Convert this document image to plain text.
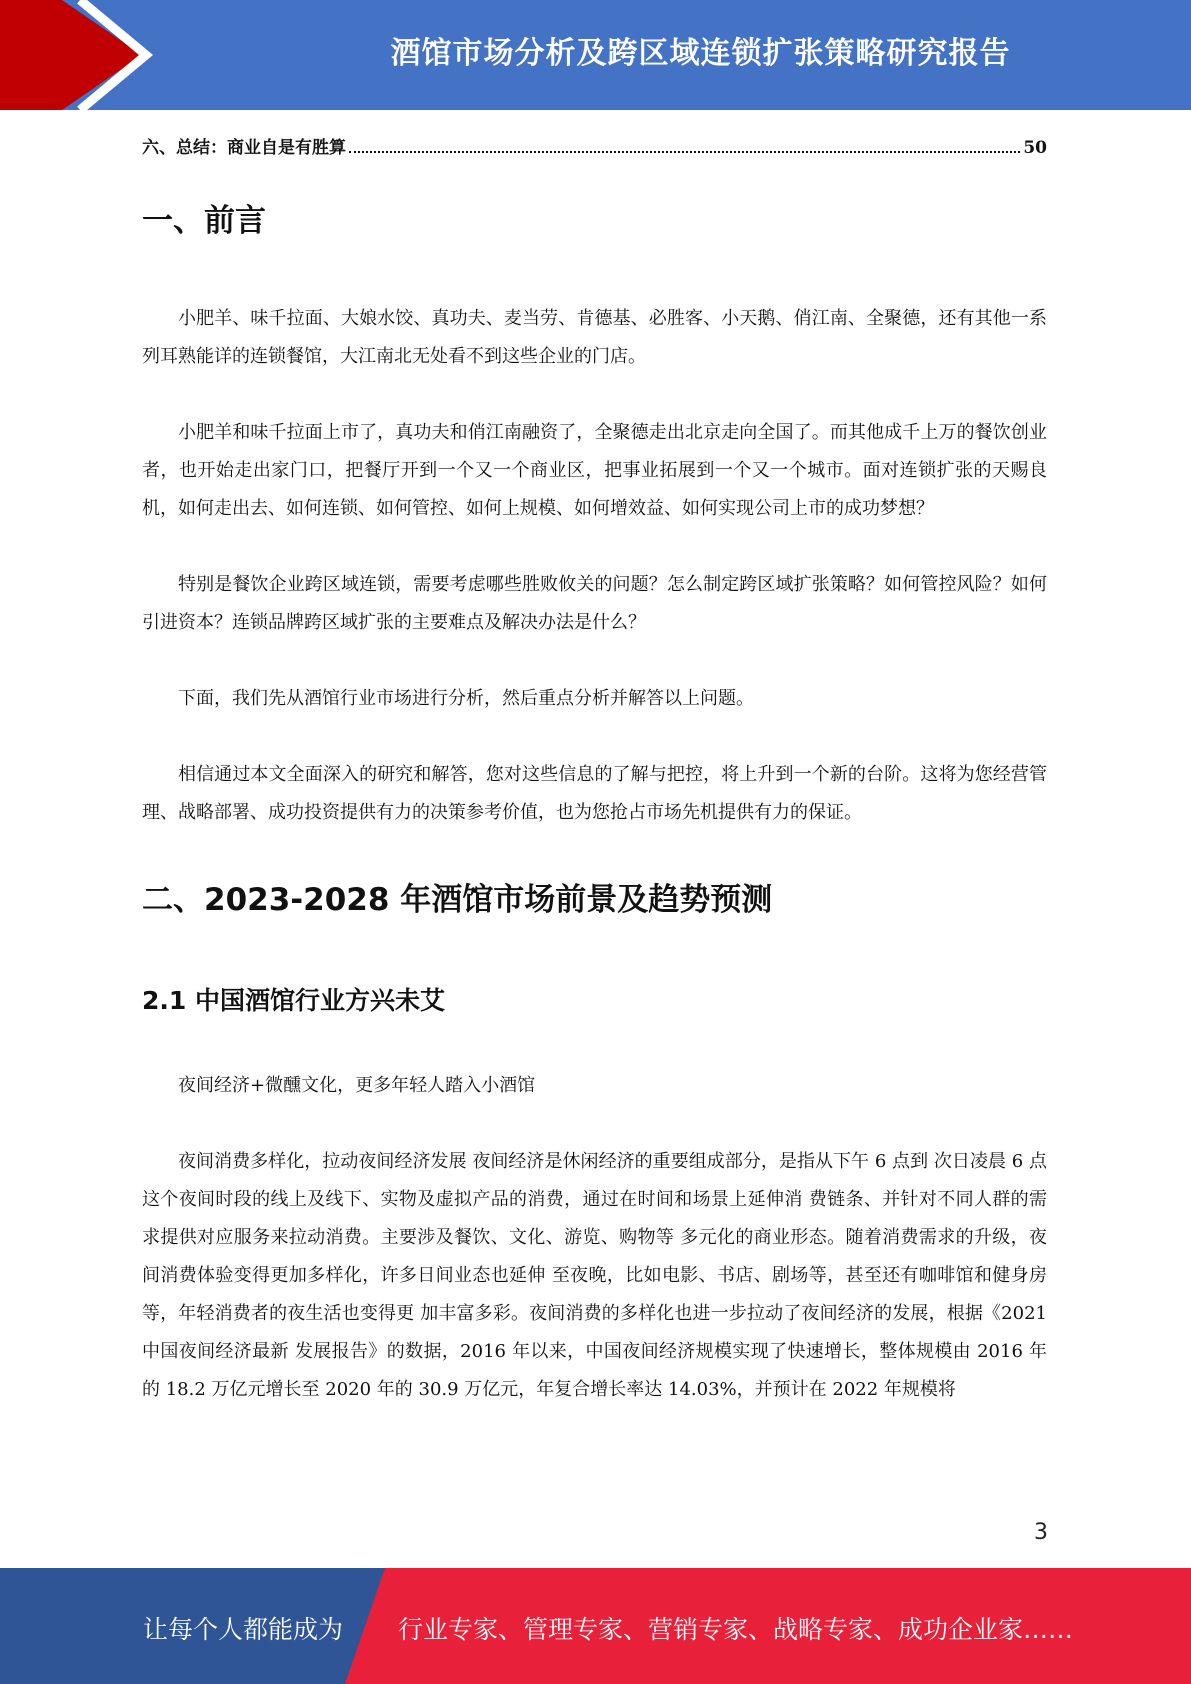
酒馆市场分析及跨区域连锁扩张策略研究报告
六、总结：商业自是有胜算	50
一、前言

小肥羊、味千拉面、大娘水饺、真功夫、麦当劳、肯德基、必胜客、小天鹅、俏江南、全聚德，还有其他一系列耳熟能详的连锁餐馆，大江南北无处看不到这些企业的门店。

小肥羊和味千拉面上市了，真功夫和俏江南融资了，全聚德走出北京走向全国了。而其他成千上万的餐饮创业者，也开始走出家门口，把餐厅开到一个又一个商业区，把事业拓展到一个又一个城市。面对连锁扩张的天赐良机，如何走出去、如何连锁、如何管控、如何上规模、如何增效益、如何实现公司上市的成功梦想？

特别是餐饮企业跨区域连锁，需要考虑哪些胜败攸关的问题？怎么制定跨区域扩张策略？如何管控风险？如何引进资本？连锁品牌跨区域扩张的主要难点及解决办法是什么？

下面，我们先从酒馆行业市场进行分析，然后重点分析并解答以上问题。

相信通过本文全面深入的研究和解答，您对这些信息的了解与把控，将上升到一个新的台阶。这将为您经营管理、战略部署、成功投资提供有力的决策参考价值，也为您抢占市场先机提供有力的保证。

二、2023-2028 年酒馆市场前景及趋势预测
2.1 中国酒馆行业方兴未艾

夜间经济+微醺文化，更多年轻人踏入小酒馆

夜间消费多样化，拉动夜间经济发展 夜间经济是休闲经济的重要组成部分，是指从下午 6 点到 次日凌晨 6 点这个夜间时段的线上及线下、实物及虚拟产品的消费，通过在时间和场景上延伸消 费链条、并针对不同人群的需求提供对应服务来拉动消费。主要涉及餐饮、文化、游览、购物等 多元化的商业形态。随着消费需求的升级，夜间消费体验变得更加多样化，许多日间业态也延伸 至夜晚，比如电影、书店、剧场等，甚至还有咖啡馆和健身房等，年轻消费者的夜生活也变得更 加丰富多彩。夜间消费的多样化也进一步拉动了夜间经济的发展，根据《2021 中国夜间经济最新 发展报告》的数据，2016 年以来，中国夜间经济规模实现了快速增长，整体规模由 2016 年的 18.2 万亿元增长至 2020 年的 30.9 万亿元，年复合增长率达 14.03%，并预计在 2022 年规模将

3
让每个人都能成为 行业专家、管理专家、营销专家、战略专家、成功企业家……
